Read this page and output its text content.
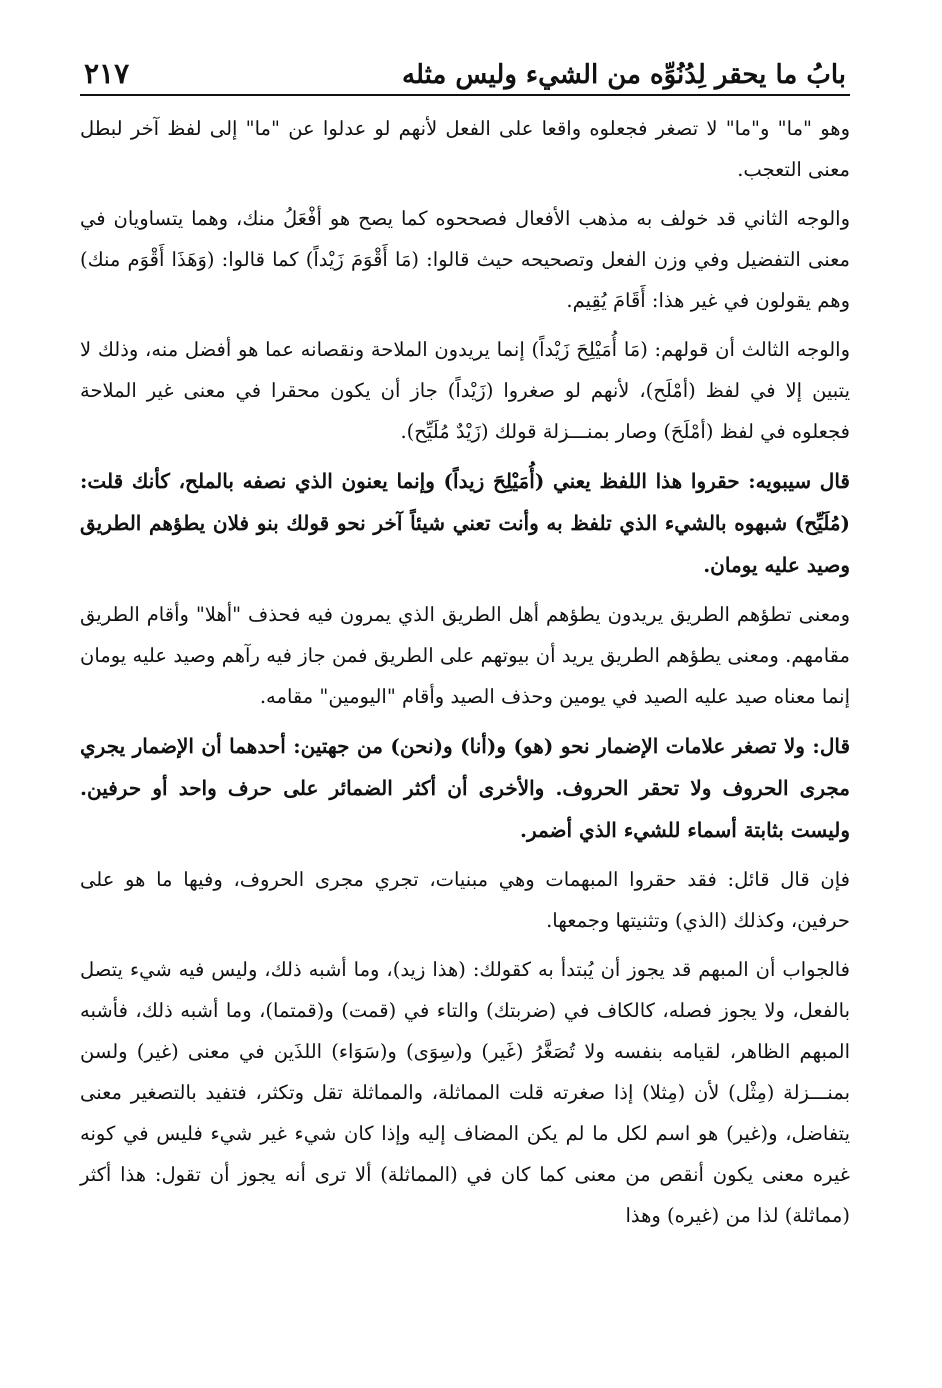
بابُ ما يحقر لِدُنُوِّه من الشيء وليس مثله
٢١٧

وهو "ما" و"ما" لا تصغر فجعلوه واقعا على الفعل لأنهم لو عدلوا عن "ما" إلى لفظ آخر لبطل معنى التعجب.

والوجه الثاني قد خولف به مذهب الأفعال فصححوه كما يصح هو أفْعَلُ منك، وهما يتساويان في معنى التفضيل وفي وزن الفعل وتصحيحه حيث قالوا: (مَا أَقْوَمَ زَيْداً) كما قالوا: (وَهَذَا أَقْوَم منك) وهم يقولون في غير هذا: أَقَامَ يُقِيم.

والوجه الثالث أن قولهم: (مَا أُمَيْلِحَ زَيْداً) إنما يريدون الملاحة ونقصانه عما هو أفضل منه، وذلك لا يتبين إلا في لفظ (أمْلَح)، لأنهم لو صغروا (زَيْداً) جاز أن يكون محقرا في معنى غير الملاحة فجعلوه في لفظ (أمْلَحَ) وصار بمنـــزلة قولك (زَيْدٌ مُلَيِّح).

قال سيبويه: حقروا هذا اللفظ يعني (أُمَيْلِحَ زيداً) وإنما يعنون الذي نصفه بالملح، كأنك قلت: (مُلَيِّح) شبهوه بالشيء الذي تلفظ به وأنت تعني شيئاً آخر نحو قولك بنو فلان يطؤهم الطريق وصيد عليه يومان.

ومعنى تطؤهم الطريق يريدون يطؤهم أهل الطريق الذي يمرون فيه فحذف "أهلا" وأقام الطريق مقامهم. ومعنى يطؤهم الطريق يريد أن بيوتهم على الطريق فمن جاز فيه رآهم وصيد عليه يومان إنما معناه صيد عليه الصيد في يومين وحذف الصيد وأقام "اليومين" مقامه.

قال: ولا تصغر علامات الإضمار نحو (هو) و(أنا) و(نحن) من جهتين: أحدهما أن الإضمار يجري مجرى الحروف ولا تحقر الحروف. والأخرى أن أكثر الضمائر على حرف واحد أو حرفين. وليست بثابتة أسماء للشيء الذي أضمر.

فإن قال قائل: فقد حقروا المبهمات وهي مبنيات، تجري مجرى الحروف، وفيها ما هو على حرفين، وكذلك (الذي) وتثنيتها وجمعها.

فالجواب أن المبهم قد يجوز أن يُبتدأ به كقولك: (هذا زيد)، وما أشبه ذلك، وليس فيه شيء يتصل بالفعل، ولا يجوز فصله، كالكاف في (ضربتك) والتاء في (قمت) و(قمتما)، وما أشبه ذلك، فأشبه المبهم الظاهر، لقيامه بنفسه ولا تُصَغَّرُ (غَير) و(سِوَى) و(سَوَاء) اللذَين في معنى (غير) ولسن بمنـــزلة (مِثْل) لأن (مِثلا) إذا صغرته قلت المماثلة، والمماثلة تقل وتكثر، فتفيد بالتصغير معنى يتفاضل، و(غير) هو اسم لكل ما لم يكن المضاف إليه وإذا كان شيء غير شيء فليس في كونه غيره معنى يكون أنقص من معنى كما كان في (المماثلة) ألا ترى أنه يجوز أن تقول: هذا أكثر (مماثلة) لذا من (غيره) وهذا
